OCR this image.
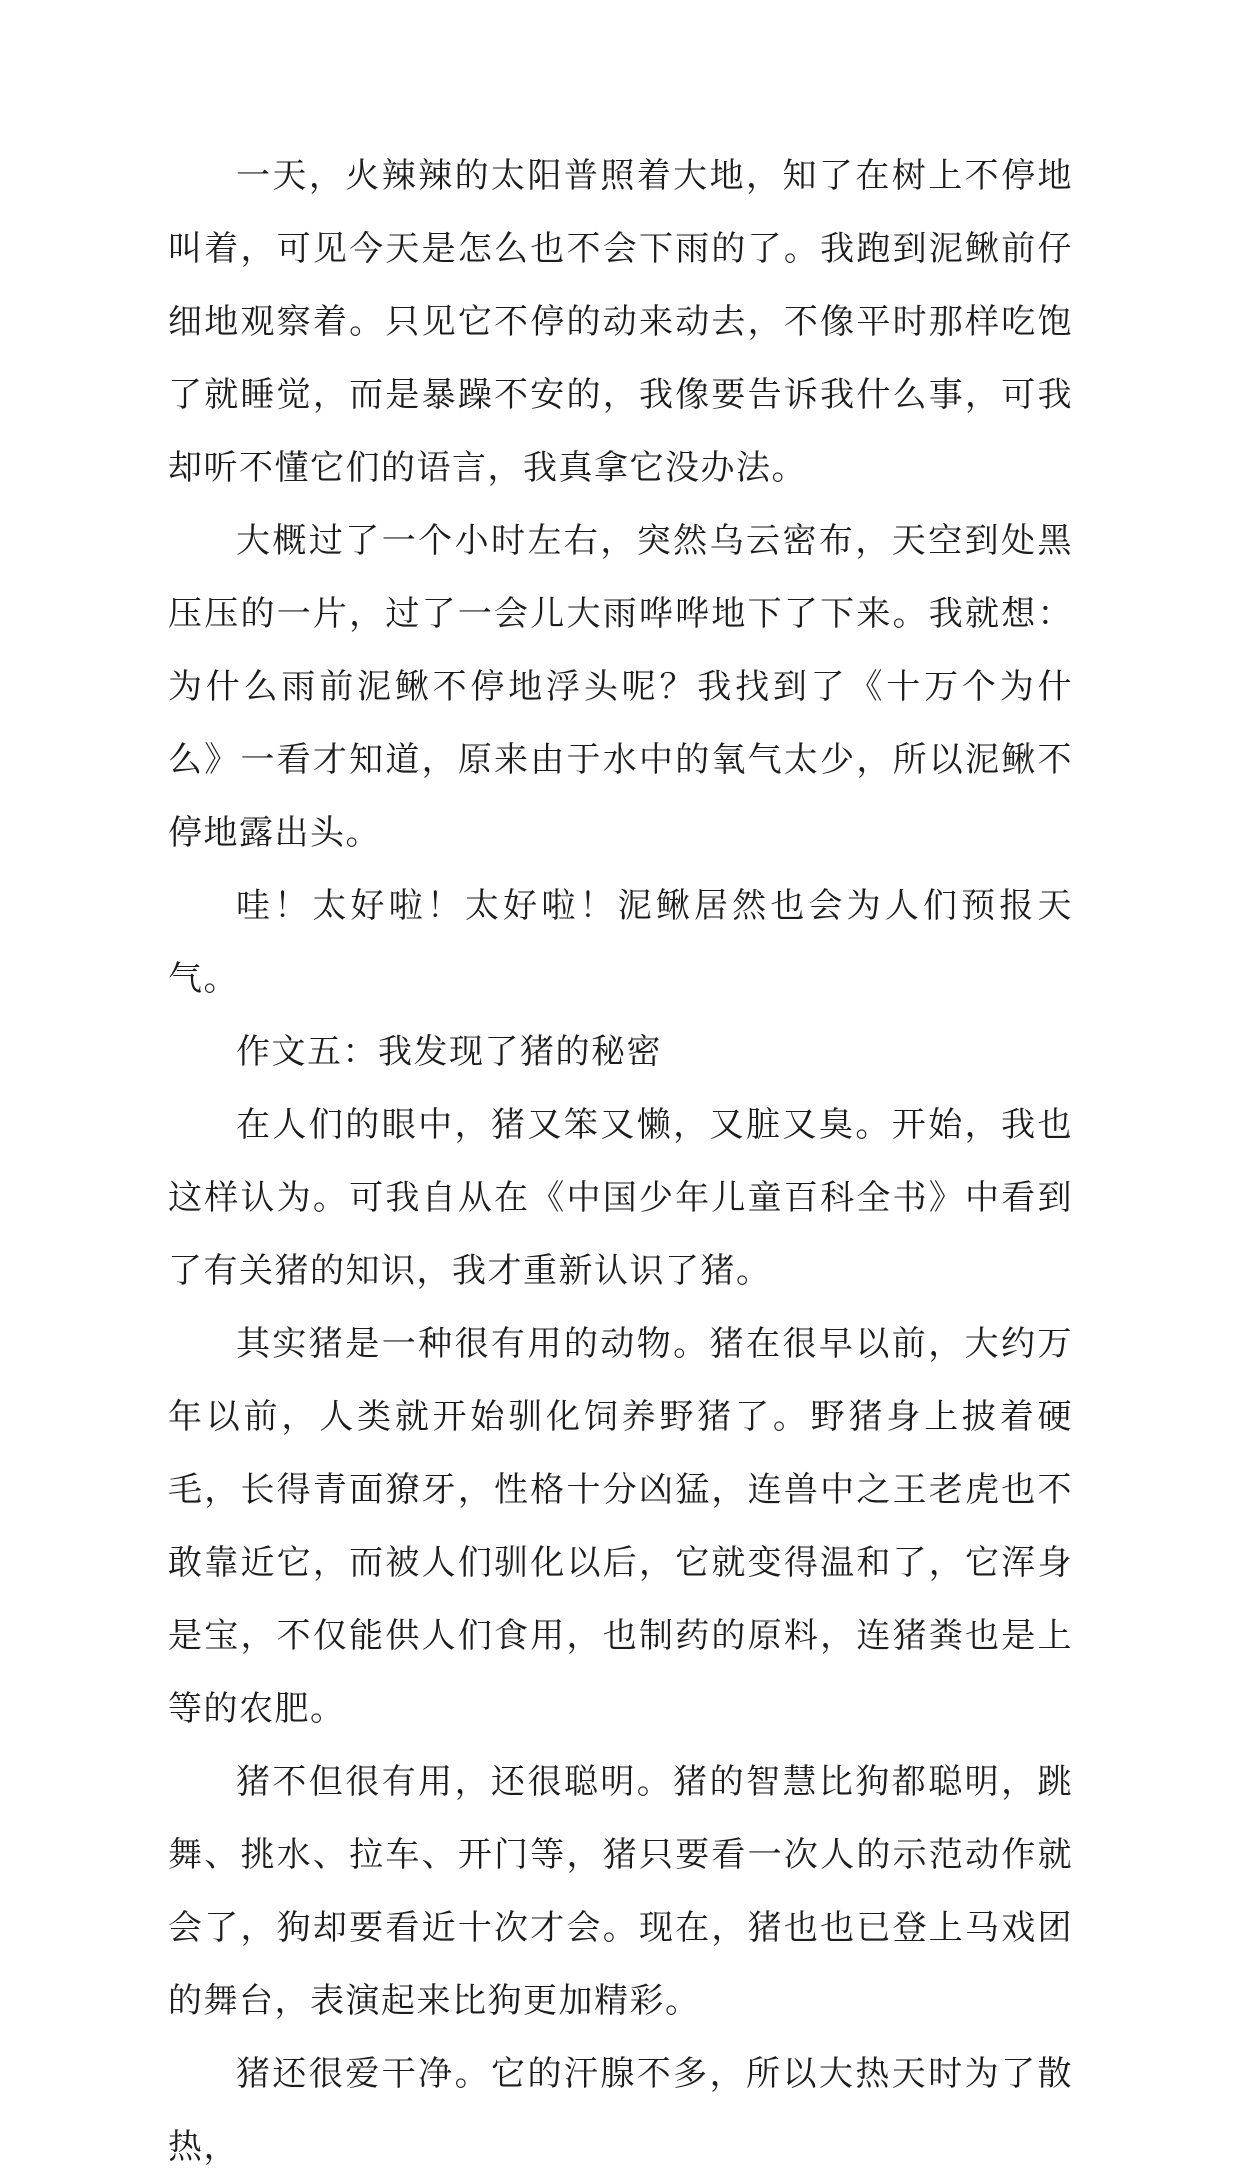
一天，火辣辣的太阳普照着大地，知了在树上不停地叫着，可见今天是怎么也不会下雨的了。我跑到泥鳅前仔细地观察着。只见它不停的动来动去，不像平时那样吃饱了就睡觉，而是暴躁不安的，我像要告诉我什么事，可我却听不懂它们的语言，我真拿它没办法。

大概过了一个小时左右，突然乌云密布，天空到处黑压压的一片，过了一会儿大雨哗哗地下了下来。我就想：为什么雨前泥鳅不停地浮头呢？我找到了《十万个为什么》一看才知道，原来由于水中的氧气太少，所以泥鳅不停地露出头。

哇！太好啦！太好啦！泥鳅居然也会为人们预报天气。

作文五：我发现了猪的秘密

在人们的眼中，猪又笨又懒，又脏又臭。开始，我也这样认为。可我自从在《中国少年儿童百科全书》中看到了有关猪的知识，我才重新认识了猪。

其实猪是一种很有用的动物。猪在很早以前，大约万年以前，人类就开始驯化饲养野猪了。野猪身上披着硬毛，长得青面獠牙，性格十分凶猛，连兽中之王老虎也不敢靠近它，而被人们驯化以后，它就变得温和了，它浑身是宝，不仅能供人们食用，也制药的原料，连猪粪也是上等的农肥。

猪不但很有用，还很聪明。猪的智慧比狗都聪明，跳舞、挑水、拉车、开门等，猪只要看一次人的示范动作就会了，狗却要看近十次才会。现在，猪也也已登上马戏团的舞台，表演起来比狗更加精彩。

猪还很爱干净。它的汗腺不多，所以大热天时为了散热，
